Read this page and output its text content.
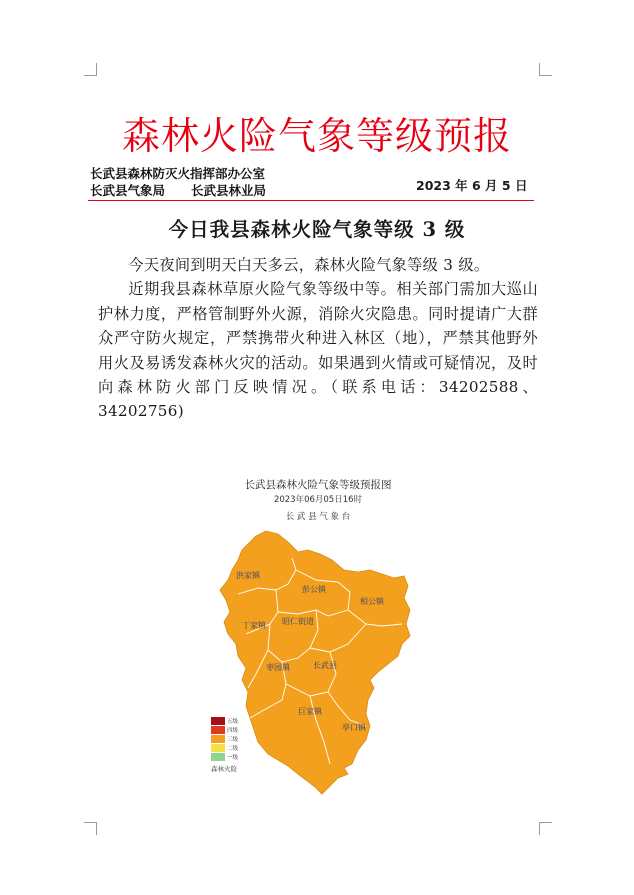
森林火险气象等级预报
长武县森林防灭火指挥部办公室
长武县气象局 长武县林业局	2023 年 6 月 5 日
今日我县森林火险气象等级 3 级

今天夜间到明天白天多云，森林火险气象等级 3 级。

近期我县森林草原火险气象等级中等。相关部门需加大巡山护林力度，严格管制野外火源，消除火灾隐患。同时提请广大群众严守防火规定，严禁携带火种进入林区（地），严禁其他野外用火及易诱发森林火灾的活动。如果遇到火情或可疑情况，及时向森林防火部门反映情况。（联系电话：34202588、34202756)

长武县森林火险气象等级预报图
2023年06月05日16时
长 武 县 气 象 台
洪家镇
彭公镇
相公镇
丁家镇 昭仁街道
枣园镇	长武县
巨家镇
亭口镇
五级
四级
三级
二级
一级
森林火险
